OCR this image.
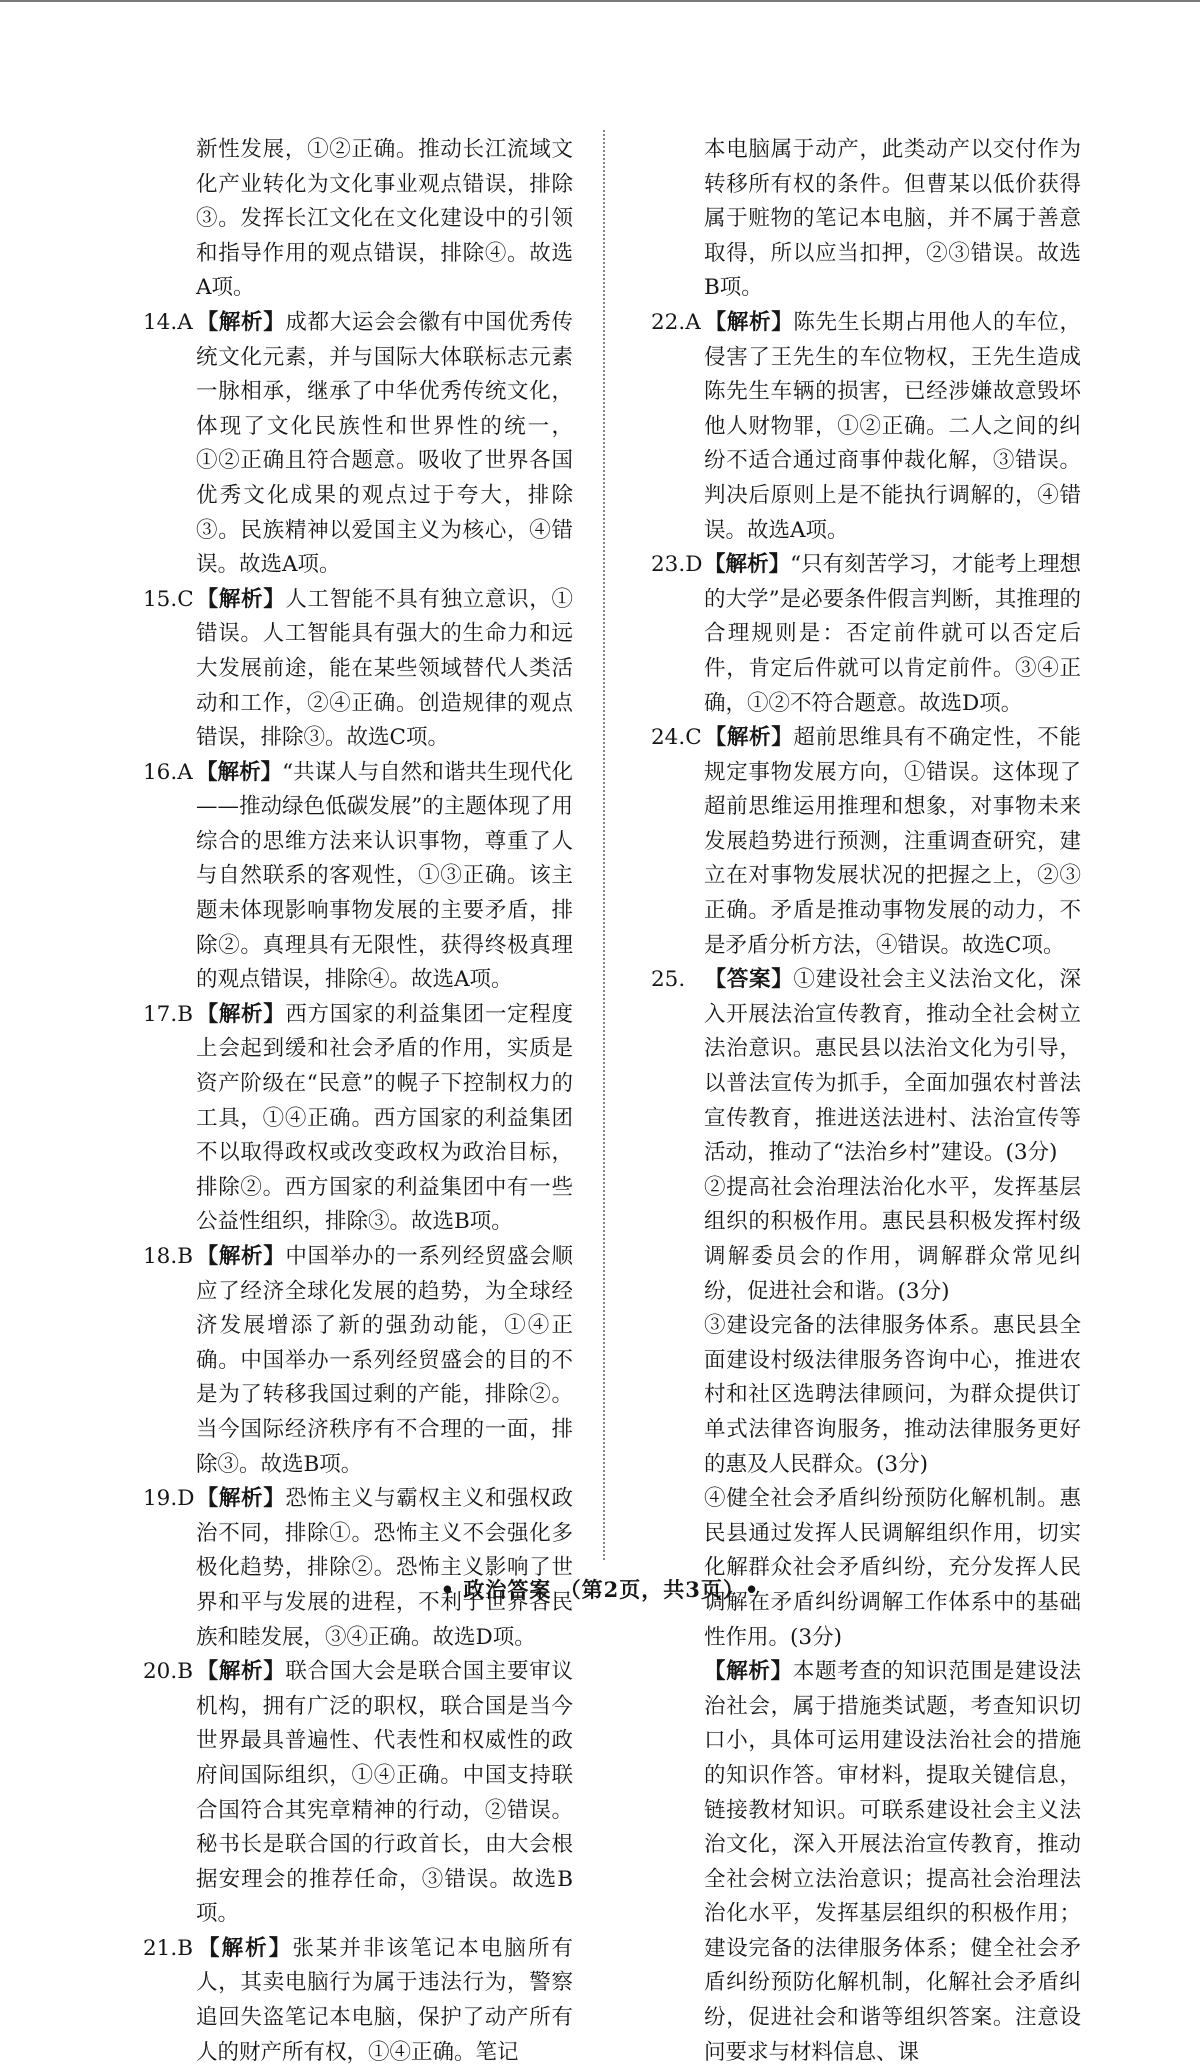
新性发展，①②正确。推动长江流域文化产业转化为文化事业观点错误，排除③。发挥长江文化在文化建设中的引领和指导作用的观点错误，排除④。故选A项。
14.A 【解析】成都大运会会徽有中国优秀传统文化元素，并与国际大体联标志元素一脉相承，继承了中华优秀传统文化，体现了文化民族性和世界性的统一，①②正确且符合题意。吸收了世界各国优秀文化成果的观点过于夸大，排除③。民族精神以爱国主义为核心，④错误。故选A项。
15.C 【解析】人工智能不具有独立意识，①错误。人工智能具有强大的生命力和远大发展前途，能在某些领域替代人类活动和工作，②④正确。创造规律的观点错误，排除③。故选C项。
16.A 【解析】“共谋人与自然和谐共生现代化——推动绿色低碳发展”的主题体现了用综合的思维方法来认识事物，尊重了人与自然联系的客观性，①③正确。该主题未体现影响事物发展的主要矛盾，排除②。真理具有无限性，获得终极真理的观点错误，排除④。故选A项。
17.B 【解析】西方国家的利益集团一定程度上会起到缓和社会矛盾的作用，实质是资产阶级在“民意”的幌子下控制权力的工具，①④正确。西方国家的利益集团不以取得政权或改变政权为政治目标，排除②。西方国家的利益集团中有一些公益性组织，排除③。故选B项。
18.B 【解析】中国举办的一系列经贸盛会顺应了经济全球化发展的趋势，为全球经济发展增添了新的强劲动能，①④正确。中国举办一系列经贸盛会的目的不是为了转移我国过剩的产能，排除②。当今国际经济秩序有不合理的一面，排除③。故选B项。
19.D【解析】恐怖主义与霸权主义和强权政治不同，排除①。恐怖主义不会强化多极化趋势，排除②。恐怖主义影响了世界和平与发展的进程，不利于世界各民族和睦发展，③④正确。故选D项。
20.B 【解析】联合国大会是联合国主要审议机构，拥有广泛的职权，联合国是当今世界最具普遍性、代表性和权威性的政府间国际组织，①④正确。中国支持联合国符合其宪章精神的行动，②错误。秘书长是联合国的行政首长，由大会根据安理会的推荐任命，③错误。故选B项。
21.B 【解析】张某并非该笔记本电脑所有人，其卖电脑行为属于违法行为，警察追回失盗笔记本电脑，保护了动产所有人的财产所有权，①④正确。笔记
本电脑属于动产，此类动产以交付作为转移所有权的条件。但曹某以低价获得属于赃物的笔记本电脑，并不属于善意取得，所以应当扣押，②③错误。故选B项。
22.A 【解析】陈先生长期占用他人的车位，侵害了王先生的车位物权，王先生造成陈先生车辆的损害，已经涉嫌故意毁坏他人财物罪，①②正确。二人之间的纠纷不适合通过商事仲裁化解，③错误。判决后原则上是不能执行调解的，④错误。故选A项。
23.D【解析】“只有刻苦学习，才能考上理想的大学”是必要条件假言判断，其推理的合理规则是：否定前件就可以否定后件，肯定后件就可以肯定前件。③④正确，①②不符合题意。故选D项。
24.C 【解析】超前思维具有不确定性，不能规定事物发展方向，①错误。这体现了超前思维运用推理和想象，对事物未来发展趋势进行预测，注重调查研究，建立在对事物发展状况的把握之上，②③正确。矛盾是推动事物发展的动力，不是矛盾分析方法，④错误。故选C项。
25. 【答案】①建设社会主义法治文化，深入开展法治宣传教育，推动全社会树立法治意识。惠民县以法治文化为引导，以普法宣传为抓手，全面加强农村普法宣传教育，推进送法进村、法治宣传等活动，推动了“法治乡村”建设。(3分)
②提高社会治理法治化水平，发挥基层组织的积极作用。惠民县积极发挥村级调解委员会的作用，调解群众常见纠纷，促进社会和谐。(3分)
③建设完备的法律服务体系。惠民县全面建设村级法律服务咨询中心，推进农村和社区选聘法律顾问，为群众提供订单式法律咨询服务，推动法律服务更好的惠及人民群众。(3分)
④健全社会矛盾纠纷预防化解机制。惠民县通过发挥人民调解组织作用，切实化解群众社会矛盾纠纷，充分发挥人民调解在矛盾纠纷调解工作体系中的基础性作用。(3分)
【解析】本题考查的知识范围是建设法治社会，属于措施类试题，考查知识切口小，具体可运用建设法治社会的措施的知识作答。审材料，提取关键信息，链接教材知识。可联系建设社会主义法治文化，深入开展法治宣传教育，推动全社会树立法治意识；提高社会治理法治化水平，发挥基层组织的积极作用；建设完备的法律服务体系；健全社会矛盾纠纷预防化解机制，化解社会矛盾纠纷，促进社会和谐等组织答案。注意设问要求与材料信息、课
• 政治答案 （第2页，共3页）•
